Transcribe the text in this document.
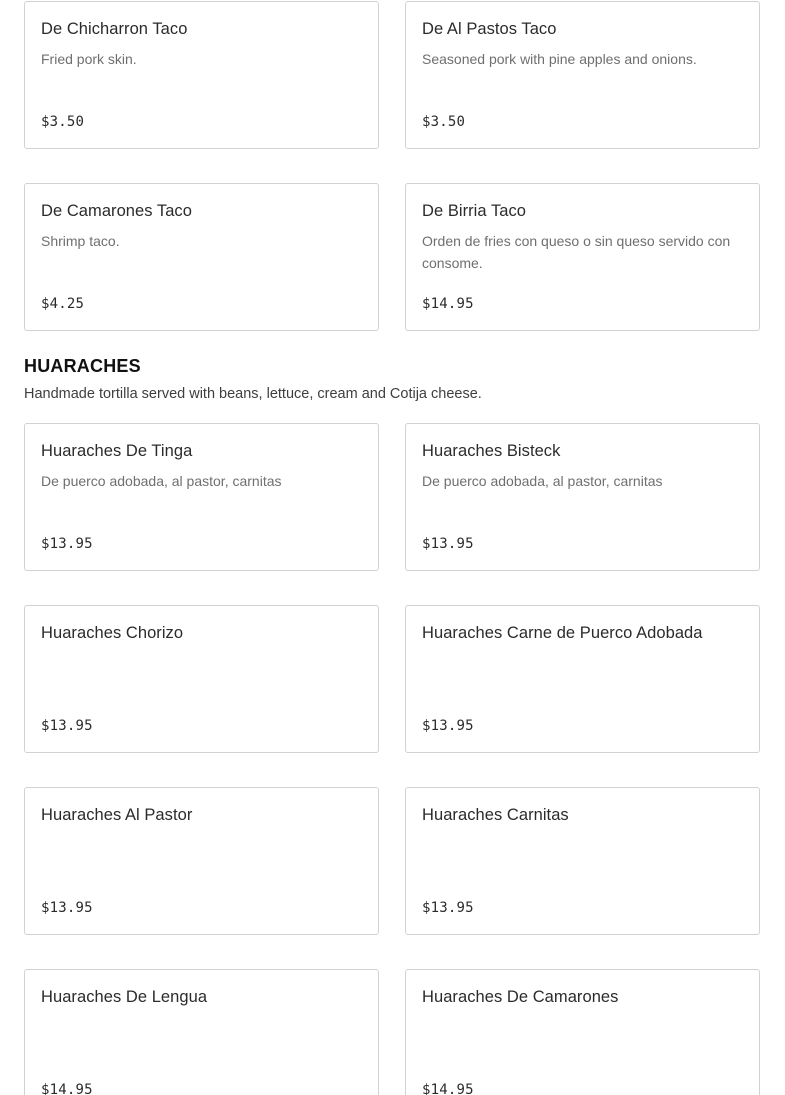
De Chicharron Taco
Fried pork skin.
$3.50
De Al Pastos Taco
Seasoned pork with pine apples and onions.
$3.50
De Camarones Taco
Shrimp taco.
$4.25
De Birria Taco
Orden de fries con queso o sin queso servido con consome.
$14.95
HUARACHES

Handmade tortilla served with beans, lettuce, cream and Cotija cheese.

Huaraches De Tinga
De puerco adobada, al pastor, carnitas
$13.95
Huaraches Bisteck
De puerco adobada, al pastor, carnitas
$13.95
Huaraches Chorizo
$13.95
Huaraches Carne de Puerco Adobada
$13.95
Huaraches Al Pastor
$13.95
Huaraches Carnitas
$13.95
Huaraches De Lengua
$14.95
Huaraches De Camarones
$14.95
